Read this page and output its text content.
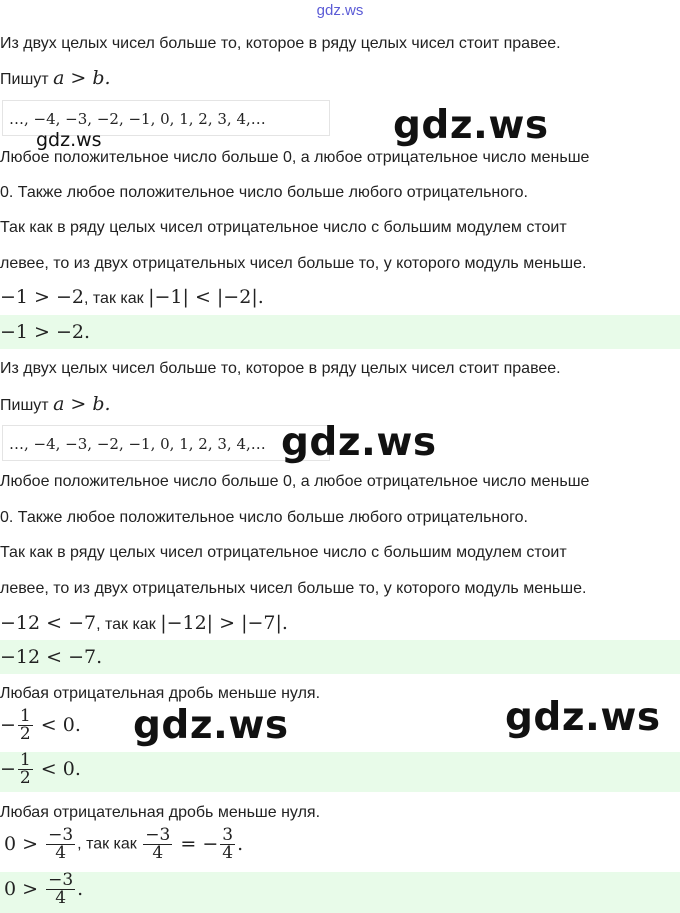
gdz.ws
Из двух целых чисел больше то, которое в ряду целых чисел стоит правее.
Пишут a > b.
…, −4, −3, −2, −1, 0, 1, 2, 3, 4,…
Любое положительное число больше 0, а любое отрицательное число меньше
0. Также любое положительное число больше любого отрицательного.
Так как в ряду целых чисел отрицательное число с большим модулем стоит
левее, то из двух отрицательных чисел больше то, у которого модуль меньше.
−1 > −2, так как |−1| < |−2|.
−1 > −2.
Из двух целых чисел больше то, которое в ряду целых чисел стоит правее.
Пишут a > b.
…, −4, −3, −2, −1, 0, 1, 2, 3, 4,…
Любое положительное число больше 0, а любое отрицательное число меньше
0. Также любое положительное число больше любого отрицательного.
Так как в ряду целых чисел отрицательное число с большим модулем стоит
левее, то из двух отрицательных чисел больше то, у которого модуль меньше.
−12 < −7, так как |−12| > |−7|.
−12 < −7.
Любая отрицательная дробь меньше нуля.
− $\frac{1}{2} < 0$.
− $\frac{1}{2} < 0$.
Любая отрицательная дробь меньше нуля.
$0 > \frac{-3}{4}$ , так как $\frac{-3}{4}$ = − $\frac{3}{4}$ .
$0 > \frac{-3}{4}$ .
gdz.ws
gdz.ws
gdz.ws
gdz.ws	gdz.ws
